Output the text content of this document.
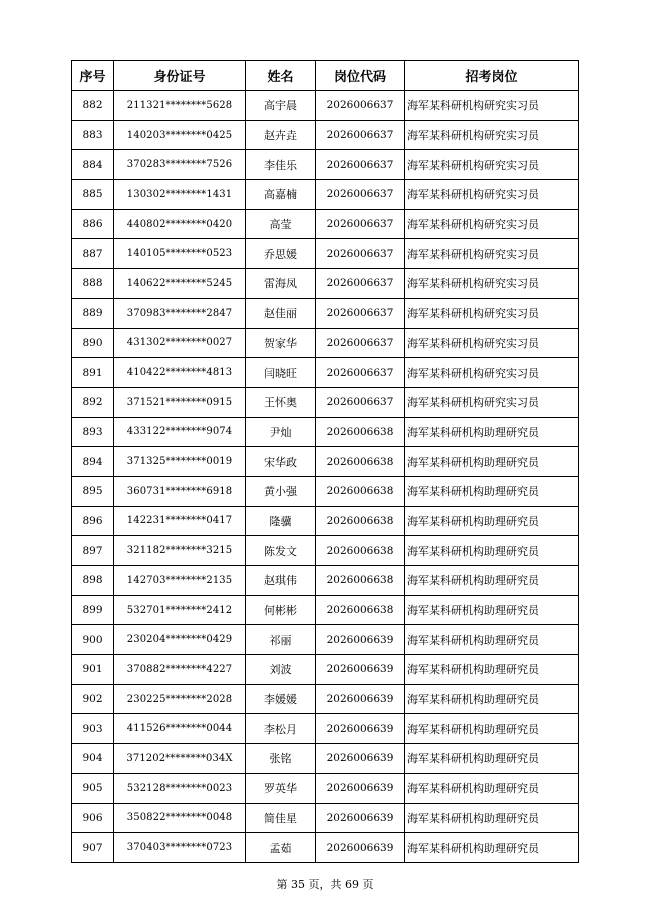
序号	身份证号	姓名	岗位代码	招考岗位
882	211321********5628	高宇晨	2026006637	海军某科研机构研究实习员
883	140203********0425	赵卉垚	2026006637	海军某科研机构研究实习员
884	370283********7526	李佳乐	2026006637	海军某科研机构研究实习员
885	130302********1431	高嘉楠	2026006637	海军某科研机构研究实习员
886	440802********0420	高莹	2026006637	海军某科研机构研究实习员
887	140105********0523	乔思媛	2026006637	海军某科研机构研究实习员
888	140622********5245	雷海凤	2026006637	海军某科研机构研究实习员
889	370983********2847	赵佳丽	2026006637	海军某科研机构研究实习员
890	431302********0027	贺家华	2026006637	海军某科研机构研究实习员
891	410422********4813	闫晓旺	2026006637	海军某科研机构研究实习员
892	371521********0915	王怀奥	2026006637	海军某科研机构研究实习员
893	433122********9074	尹灿	2026006638	海军某科研机构助理研究员
894	371325********0019	宋华政	2026006638	海军某科研机构助理研究员
895	360731********6918	黄小强	2026006638	海军某科研机构助理研究员
896	142231********0417	隆骥	2026006638	海军某科研机构助理研究员
897	321182********3215	陈发文	2026006638	海军某科研机构助理研究员
898	142703********2135	赵琪伟	2026006638	海军某科研机构助理研究员
899	532701********2412	何彬彬	2026006638	海军某科研机构助理研究员
900	230204********0429	祁丽	2026006639	海军某科研机构助理研究员
901	370882********4227	刘波	2026006639	海军某科研机构助理研究员
902	230225********2028	李媛媛	2026006639	海军某科研机构助理研究员
903	411526********0044	李松月	2026006639	海军某科研机构助理研究员
904	371202********034X	张铭	2026006639	海军某科研机构助理研究员
905	532128********0023	罗英华	2026006639	海军某科研机构助理研究员
906	350822********0048	简佳星	2026006639	海军某科研机构助理研究员
907	370403********0723	孟茹	2026006639	海军某科研机构助理研究员
第 35 页，共 69 页
